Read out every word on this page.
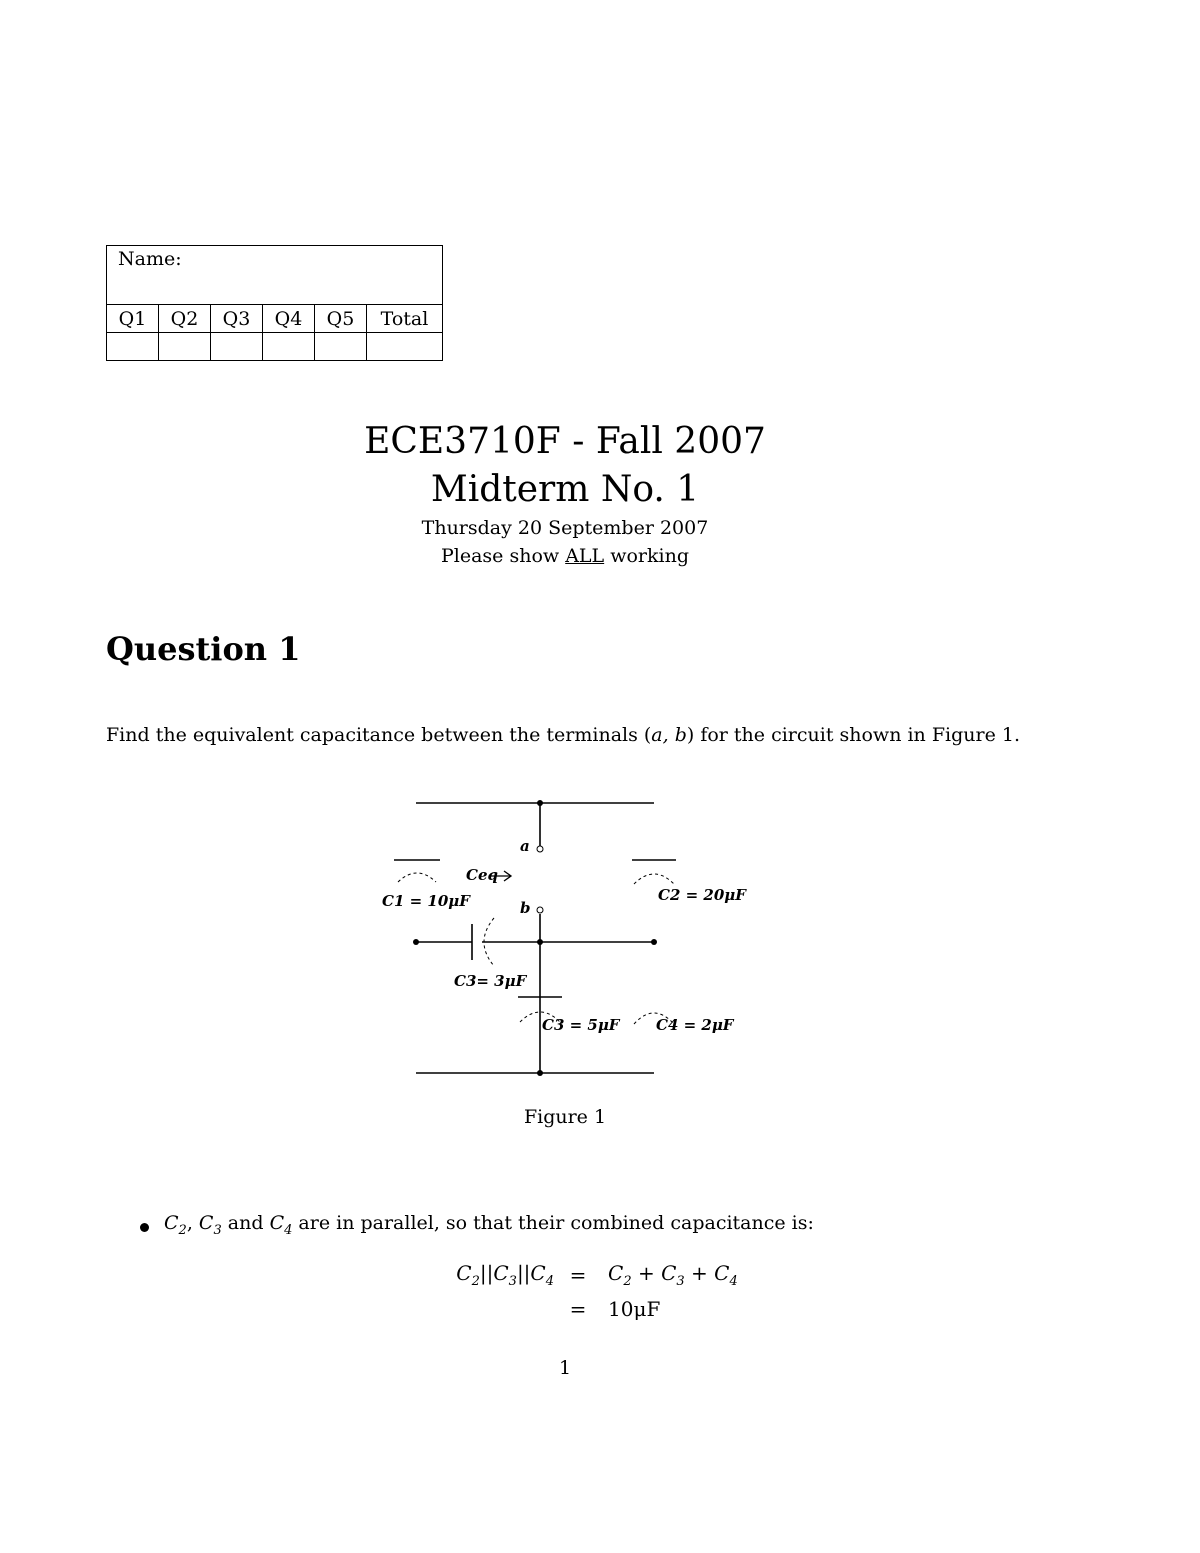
Name:					
Q1	Q2	Q3	Q4	Q5	Total

ECE3710F - Fall 2007
Midterm No. 1
Thursday 20 September 2007
Please show ALL working
Question 1
Find the equivalent capacitance between the terminals (a, b) for the circuit shown in Figure 1.
a
b
Ceq
C1 = 10μF	C2 = 20μF
C3= 3μF
C3 = 5μF C4 = 2μF
Figure 1
$C_2$, $C_3$ and $C_4$ are in parallel, so that their combined capacitance is:
$C_2||C_3||C_4$	=	$C_2 + C_3 + C_4$
	=	10μF
1
